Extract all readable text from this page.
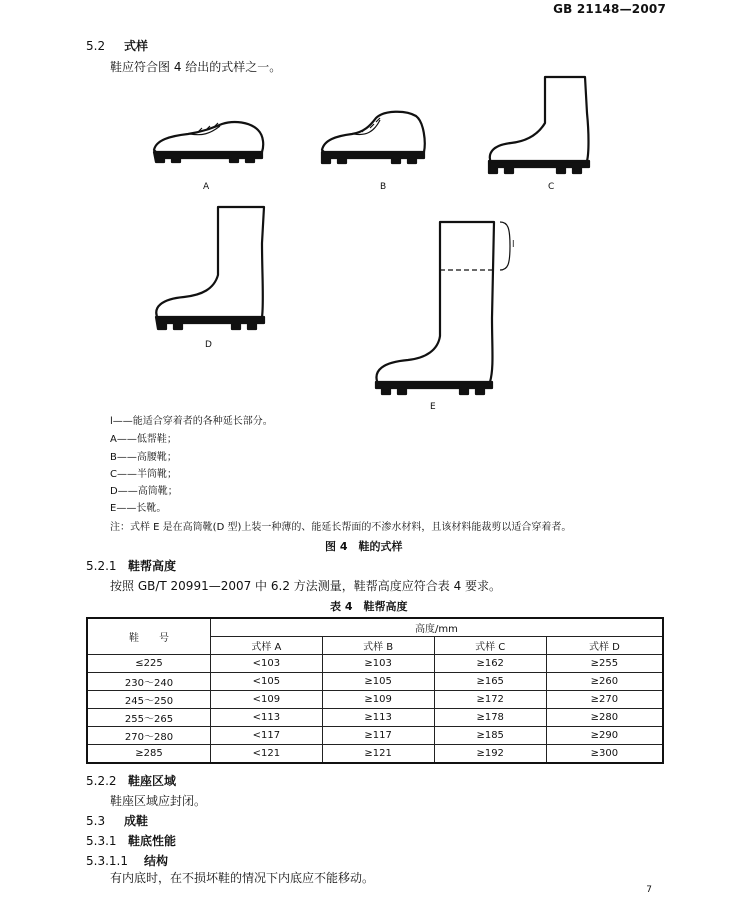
GB 21148—2007
5.2 式样
鞋应符合图 4 给出的式样之一。
A	B	C
D
l
E
l——能适合穿着者的各种延长部分。
A——低帮鞋；
B——高腰靴；
C——半筒靴；
D——高筒靴；
E——长靴。
注：式样 E 是在高筒靴(D 型)上装一种薄的、能延长帮面的不渗水材料，且该材料能裁剪以适合穿着者。
图 4　鞋的式样
5.2.1 鞋帮高度
按照 GB/T 20991—2007 中 6.2 方法测量，鞋帮高度应符合表 4 要求。
表 4　鞋帮高度
鞋　　号	高度/mm			
	式样 A	式样 B	式样 C	式样 D
≤225	<103	≥103	≥162	≥255
230～240	<105	≥105	≥165	≥260
245～250	<109	≥109	≥172	≥270
255～265	<113	≥113	≥178	≥280
270～280	<117	≥117	≥185	≥290
≥285	<121	≥121	≥192	≥300
5.2.2 鞋座区域
鞋座区域应封闭。
5.3 成鞋
5.3.1 鞋底性能
5.3.1.1 结构
有内底时，在不损坏鞋的情况下内底应不能移动。
7
